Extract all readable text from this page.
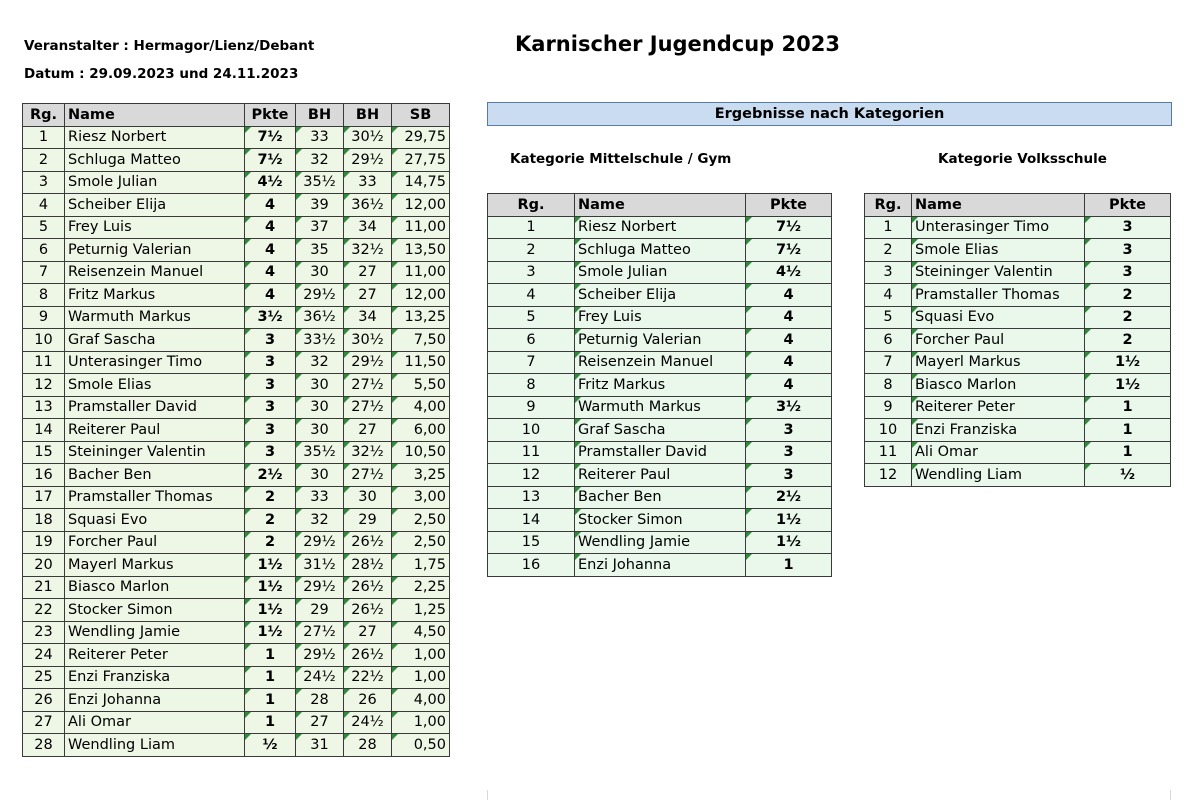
Veranstalter : Hermagor/Lienz/Debant
Datum : 29.09.2023 und 24.11.2023
Karnischer Jugendcup 2023
Rg.	Name	Pkte	BH	BH	SB
1	Riesz Norbert	7½	33	30½	29,75
2	Schluga Matteo	7½	32	29½	27,75
3	Smole Julian	4½	35½	33	14,75
4	Scheiber Elija	4	39	36½	12,00
5	Frey Luis	4	37	34	11,00
6	Peturnig Valerian	4	35	32½	13,50
7	Reisenzein Manuel	4	30	27	11,00
8	Fritz Markus	4	29½	27	12,00
9	Warmuth Markus	3½	36½	34	13,25
10	Graf Sascha	3	33½	30½	7,50
11	Unterasinger Timo	3	32	29½	11,50
12	Smole Elias	3	30	27½	5,50
13	Pramstaller David	3	30	27½	4,00
14	Reiterer Paul	3	30	27	6,00
15	Steininger Valentin	3	35½	32½	10,50
16	Bacher Ben	2½	30	27½	3,25
17	Pramstaller Thomas	2	33	30	3,00
18	Squasi Evo	2	32	29	2,50
19	Forcher Paul	2	29½	26½	2,50
20	Mayerl Markus	1½	31½	28½	1,75
21	Biasco Marlon	1½	29½	26½	2,25
22	Stocker Simon	1½	29	26½	1,25
23	Wendling Jamie	1½	27½	27	4,50
24	Reiterer Peter	1	29½	26½	1,00
25	Enzi Franziska	1	24½	22½	1,00
26	Enzi Johanna	1	28	26	4,00
27	Ali Omar	1	27	24½	1,00
28	Wendling Liam	½	31	28	0,50
Ergebnisse nach Kategorien
Kategorie Mittelschule / Gym	Kategorie Volksschule
Rg.	Name	Pkte
1	Riesz Norbert	7½
2	Schluga Matteo	7½
3	Smole Julian	4½
4	Scheiber Elija	4
5	Frey Luis	4
6	Peturnig Valerian	4
7	Reisenzein Manuel	4
8	Fritz Markus	4
9	Warmuth Markus	3½
10	Graf Sascha	3
11	Pramstaller David	3
12	Reiterer Paul	3
13	Bacher Ben	2½
14	Stocker Simon	1½
15	Wendling Jamie	1½
16	Enzi Johanna	1
Rg.	Name	Pkte
1	Unterasinger Timo	3
2	Smole Elias	3
3	Steininger Valentin	3
4	Pramstaller Thomas	2
5	Squasi Evo	2
6	Forcher Paul	2
7	Mayerl Markus	1½
8	Biasco Marlon	1½
9	Reiterer Peter	1
10	Enzi Franziska	1
11	Ali Omar	1
12	Wendling Liam	½
